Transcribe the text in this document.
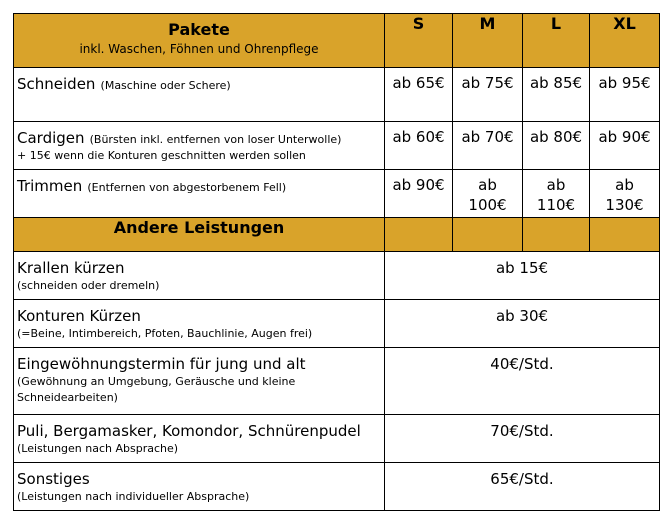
Pakete
inkl. Waschen, Föhnen und Ohrenpflege	S	M	L	XL
Schneiden (Maschine oder Schere)	ab 65€	ab 75€	ab 85€	ab 95€
Cardigen (Bürsten inkl. entfernen von loser Unterwolle)
+ 15€ wenn die Konturen geschnitten werden sollen	ab 60€	ab 70€	ab 80€	ab 90€
Trimmen (Entfernen von abgestorbenem Fell)	ab 90€	ab 100€	ab 110€	ab 130€
Andere Leistungen				

Krallen kürzen
(schneiden oder dremeln)	ab 15€			

Konturen Kürzen
(=Beine, Intimbereich, Pfoten, Bauchlinie, Augen frei)	ab 30€			

Eingewöhnungstermin für jung und alt
(Gewöhnung an Umgebung, Geräusche und kleine Schneidearbeiten)	40€/Std.			

Puli, Bergamasker, Komondor, Schnürenpudel
(Leistungen nach Absprache)	70€/Std.			

Sonstiges
(Leistungen nach individueller Absprache)	65€/Std.			
